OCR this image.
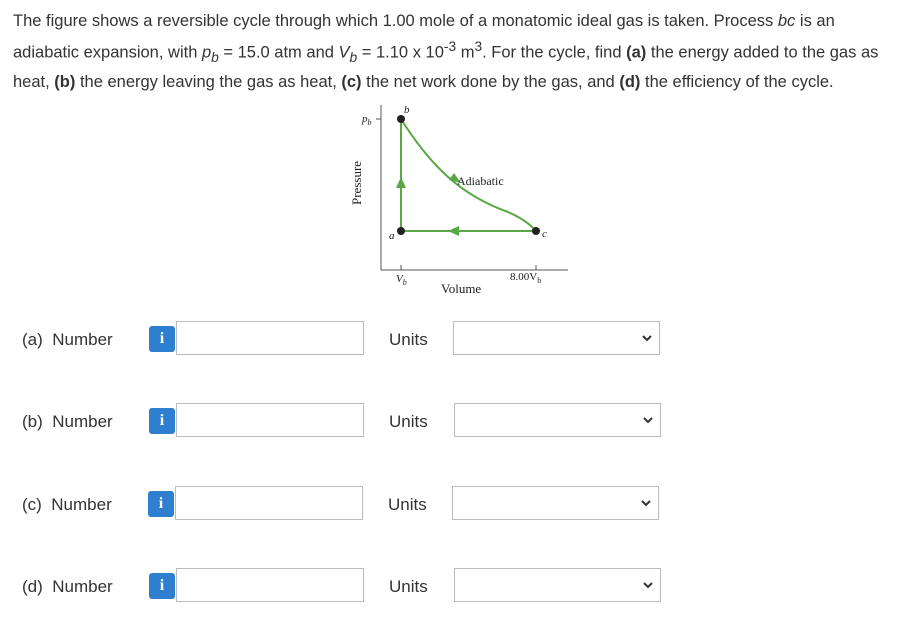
The figure shows a reversible cycle through which 1.00 mole of a monatomic ideal gas is taken. Process bc is an adiabatic expansion, with $p_b = 15.0$ atm and $V_b = 1.10$ x $10^{-3}$ $m^3$. For the cycle, find (a) the energy added to the gas as heat, (b) the energy leaving the gas as heat, (c) the net work done by the gas, and (d) the efficiency of the cycle.
b
a	c
Adiabatic
$p_b$
$V_b$	$8.00V_b$
Volume
Pressure
(a) Number	i	Units
(b) Number	i	Units
(c) Number	i	Units
(d) Number	i	Units
